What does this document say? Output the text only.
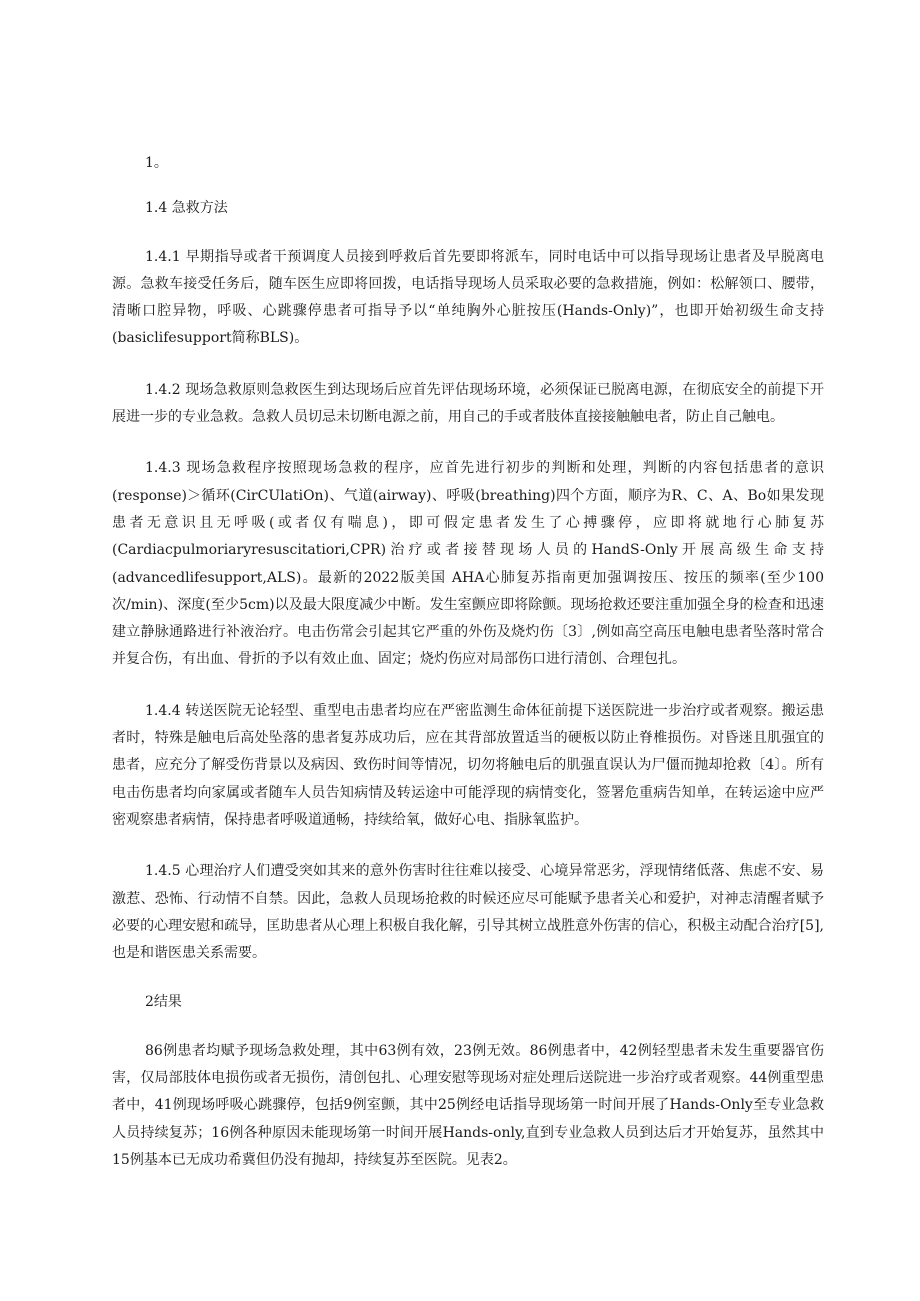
1。

1.4 急救方法

1.4.1 早期指导或者干预调度人员接到呼救后首先要即将派车，同时电话中可以指导现场让患者及早脱离电源。急救车接受任务后，随车医生应即将回拨，电话指导现场人员采取必要的急救措施，例如：松解领口、腰带，清晰口腔异物，呼吸、心跳骤停患者可指导予以“单纯胸外心脏按压(Hands-Only)”，也即开始初级生命支持(basiclifesupport简称BLS)。

1.4.2 现场急救原则急救医生到达现场后应首先评估现场环境，必须保证已脱离电源，在彻底安全的前提下开展进一步的专业急救。急救人员切忌未切断电源之前，用自己的手或者肢体直接接触触电者，防止自己触电。

1.4.3 现场急救程序按照现场急救的程序，应首先进行初步的判断和处理，判断的内容包括患者的意识(response)＞循环(CirCUlatiOn)、气道(airway)、呼吸(breathing)四个方面，顺序为R、C、A、Bo如果发现患者无意识且无呼吸(或者仅有喘息)，即可假定患者发生了心搏骤停，应即将就地行心肺复苏(Cardiacpulmoriaryresuscitatiori,CPR)治疗或者接替现场人员的HandS-Only开展高级生命支持(advancedlifesupport,ALS)。最新的2022版美国 AHA心肺复苏指南更加强调按压、按压的频率(至少100次/min)、深度(至少5cm)以及最大限度减少中断。发生室颤应即将除颤。现场抢救还要注重加强全身的检查和迅速建立静脉通路进行补液治疗。电击伤常会引起其它严重的外伤及烧灼伤〔3〕,例如高空高压电触电患者坠落时常合并复合伤，有出血、骨折的予以有效止血、固定；烧灼伤应对局部伤口进行清创、合理包扎。

1.4.4 转送医院无论轻型、重型电击患者均应在严密监测生命体征前提下送医院进一步治疗或者观察。搬运患者时，特殊是触电后高处坠落的患者复苏成功后，应在其背部放置适当的硬板以防止脊椎损伤。对昏迷且肌强宜的患者，应充分了解受伤背景以及病因、致伤时间等情况，切勿将触电后的肌强直误认为尸僵而抛却抢救〔4〕。所有电击伤患者均向家属或者随车人员告知病情及转运途中可能浮现的病情变化，签署危重病告知单，在转运途中应严密观察患者病情，保持患者呼吸道通畅，持续给氧，做好心电、指脉氧监护。

1.4.5 心理治疗人们遭受突如其来的意外伤害时往往难以接受、心境异常恶劣，浮现情绪低落、焦虑不安、易激惹、恐怖、行动情不自禁。因此，急救人员现场抢救的时候还应尽可能赋予患者关心和爱护，对神志清醒者赋予必要的心理安慰和疏导，匡助患者从心理上积极自我化解，引导其树立战胜意外伤害的信心，积极主动配合治疗[5],也是和谐医患关系需要。

2结果

86例患者均赋予现场急救处理，其中63例有效，23例无效。86例患者中，42例轻型患者未发生重要器官伤害，仅局部肢体电损伤或者无损伤，清创包扎、心理安慰等现场对症处理后送院进一步治疗或者观察。44例重型患者中，41例现场呼吸心跳骤停，包括9例室颤，其中25例经电话指导现场第一时间开展了Hands-Only至专业急救人员持续复苏；16例各种原因未能现场第一时间开展Hands-only,直到专业急救人员到达后才开始复苏，虽然其中15例基本已无成功希冀但仍没有抛却，持续复苏至医院。见表2。
